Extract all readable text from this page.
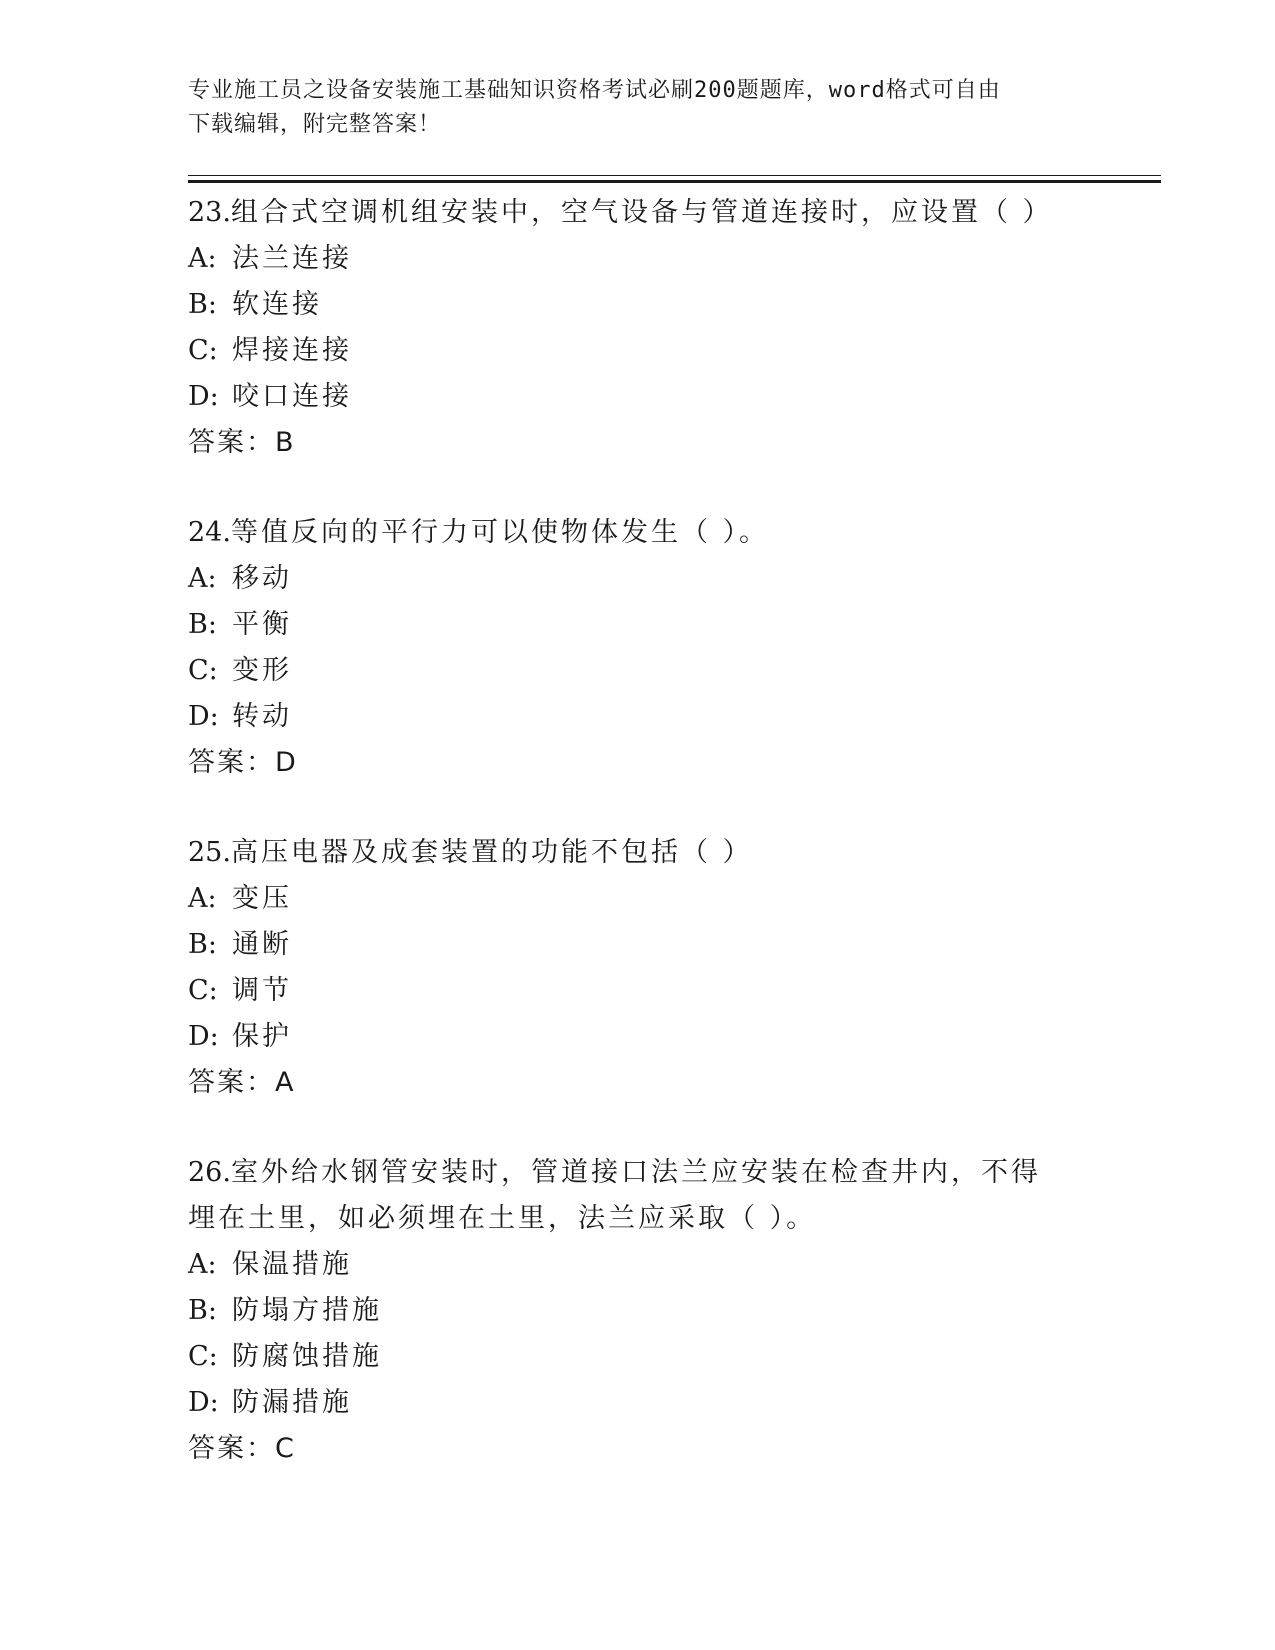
专业施工员之设备安装施工基础知识资格考试必刷200题题库，word格式可自由
下载编辑，附完整答案！
23.组合式空调机组安装中，空气设备与管道连接时，应设置（ ）
A: 法兰连接
B: 软连接
C: 焊接连接
D: 咬口连接
答案：B
24.等值反向的平行力可以使物体发生（ ）。
A: 移动
B: 平衡
C: 变形
D: 转动
答案：D
25.高压电器及成套装置的功能不包括（ ）
A: 变压
B: 通断
C: 调节
D: 保护
答案：A
26.室外给水钢管安装时，管道接口法兰应安装在检查井内，不得埋在土里，如必须埋在土里，法兰应采取（ ）。
A: 保温措施
B: 防塌方措施
C: 防腐蚀措施
D: 防漏措施
答案：C
